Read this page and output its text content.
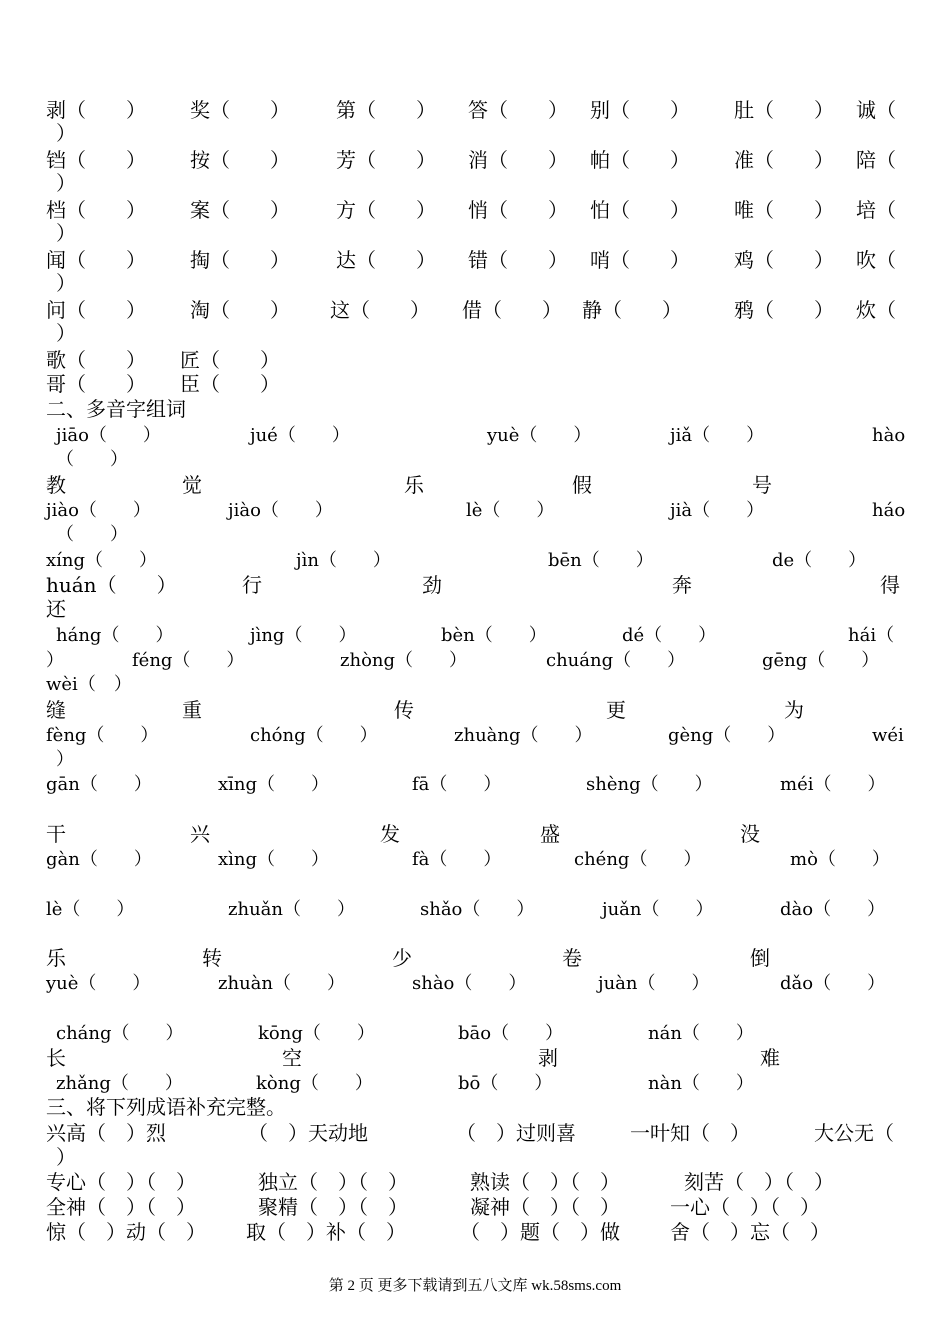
剥（　　） 奖（　　） 第（　　） 答（　　） 别（　　） 肚（　　） 诚（
）
铛（　　） 按（　　） 芳（　　） 消（　　） 帕（　　） 准（　　） 陪（
）
档（　　） 案（　　） 方（　　） 悄（　　） 怕（　　） 唯（　　） 培（
）
闻（　　） 掏（　　） 达（　　） 错（　　） 哨（　　） 鸡（　　） 吹（
）
问（　　） 淘（　　） 这（　　） 借（　　） 静（　　）	鸦（　　） 炊（
）
歌（　　） 匠（　　）
哥（　　） 臣（　　）
二、多音字组词
jiāo（　　）	jué（　　）	yuè（　　）	jiǎ（　　）	hào
（　　）
教	觉	乐	假	号
jiào（　　）	jiào（　　）	lè（　　）	jià（　　）	háo
（　　）
xíng（　　）	jìn（　　）	bēn（　　）	de（　　）
huán（　　）	行	劲	奔	得
还
háng（　　）	jìng（　　）	bèn（　　）	dé（　　）	hái（
）	féng（　　）	zhòng（　　）	chuáng（　　）	gēng（　　）
wèi（　）
缝	重	传	更	为
fèng（　　）	chóng（　　）	zhuàng（　　）	gèng（　　）	wéi
）
gān（　　）	xīng（　　）	fā（　　）	shèng（　　）	méi（　　）
干	兴	发	盛	没
gàn（　　）	xìng（　　）	fà（　　）	chéng（　　）	mò（　　）
lè（　　）	zhuǎn（　　）	shǎo（　　）	juǎn（　　）	dào（　　）
乐	转	少	卷	倒
yuè（　　）	zhuàn（　　）	shào（　　）	juàn（　　）	dǎo（　　）
cháng（　　）	kōng（　　）	bāo（　　）	nán（　　）
长	空	剥	难
zhǎng（　　）	kòng（　　）	bō（　　）	nàn（　　）
三、将下列成语补充完整。
兴高（　）烈	（　）天动地	（　）过则喜	一叶知（　）	大公无（
）
专心（　）（　）	独立（　）（　）	熟读（　）（　）	刻苦（　）（　）
全神（　）（　）	聚精（　）（　）	凝神（　）（　）	一心（　）（　）
惊（　）动（　） 取（　）补（　）	（　）题（　）做	舍（　）忘（　）
第 2 页 更多下载请到五八文库 wk.58sms.com
